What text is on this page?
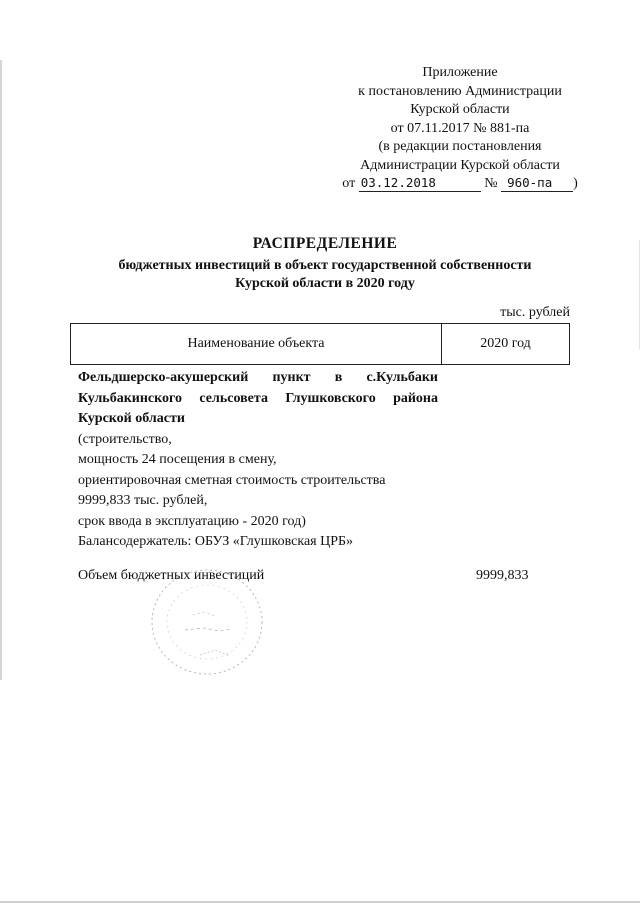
Приложение
к постановлению Администрации
Курской области
от 07.11.2017 № 881-па
(в редакции постановления
Администрации Курской области
от 03.12.2018	№ 960-па )
РАСПРЕДЕЛЕНИЕ
бюджетных инвестиций в объект государственной собственности
Курской области в 2020 году
тыс. рублей
Наименование объекта	2020 год
Фельдшерско-акушерский пункт в с.Кульбаки
Кульбакинского сельсовета Глушковского района
Курской области
(строительство,
мощность 24 посещения в смену,
ориентировочная сметная стоимость строительства
9999,833 тыс. рублей,
срок ввода в эксплуатацию - 2020 год)
Балансодержатель: ОБУЗ «Глушковская ЦРБ»
Объем бюджетных инвестиций	9999,833
